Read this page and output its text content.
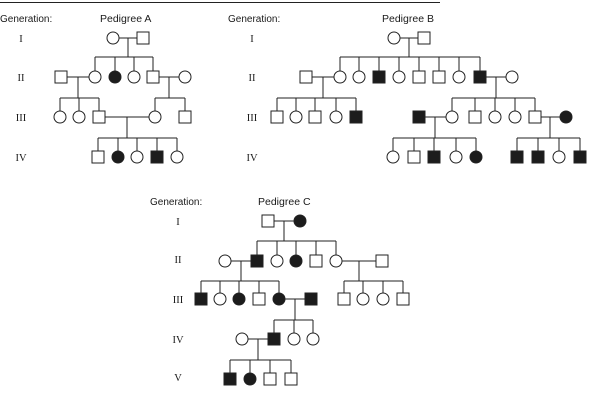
Generation:	Pedigree A
I
II
III
IV
Generation:	Pedigree B
I
II
III
IV
Generation:	Pedigree C
I
II
III
IV
V
